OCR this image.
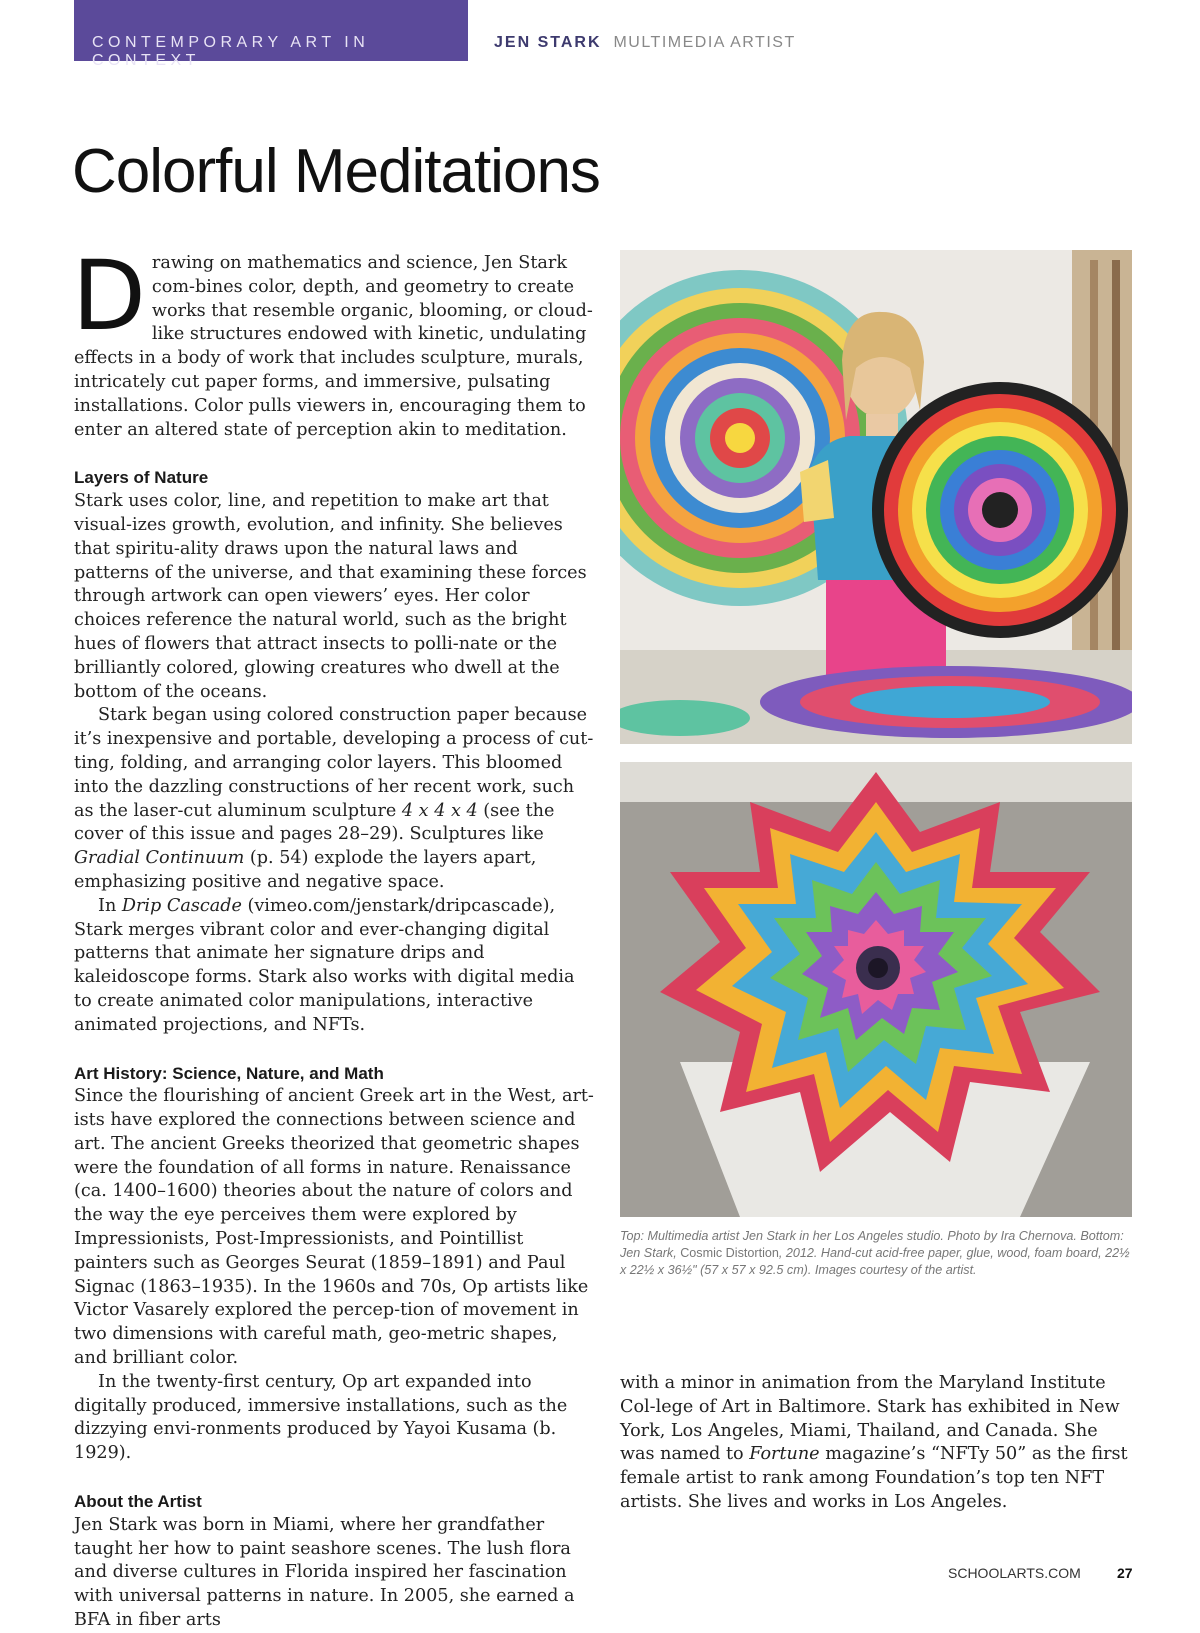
CONTEMPORARY ART IN CONTEXT
JEN STARK MULTIMEDIA ARTIST
Colorful Meditations

Drawing on mathematics and science, Jen Stark com-bines color, depth, and geometry to create works that resemble organic, blooming, or cloud-like structures endowed with kinetic, undulating effects in a body of work that includes sculpture, murals, intricately cut paper forms, and immersive, pulsating installations. Color pulls viewers in, encouraging them to enter an altered state of perception akin to meditation.

Layers of Nature

Stark uses color, line, and repetition to make art that visual-izes growth, evolution, and infinity. She believes that spiritu-ality draws upon the natural laws and patterns of the universe, and that examining these forces through artwork can open viewers’ eyes. Her color choices reference the natural world, such as the bright hues of flowers that attract insects to polli-nate or the brilliantly colored, glowing creatures who dwell at the bottom of the oceans.

Stark began using colored construction paper because it’s inexpensive and portable, developing a process of cut-ting, folding, and arranging color layers. This bloomed into the dazzling constructions of her recent work, such as the laser-cut aluminum sculpture 4 x 4 x 4 (see the cover of this issue and pages 28–29). Sculptures like Gradial Continuum (p. 54) explode the layers apart, emphasizing positive and negative space.

In Drip Cascade (vimeo.com/jenstark/dripcascade), Stark merges vibrant color and ever-changing digital patterns that animate her signature drips and kaleidoscope forms. Stark also works with digital media to create animated color manipulations, interactive animated projections, and NFTs.

Art History: Science, Nature, and Math

Since the flourishing of ancient Greek art in the West, art-ists have explored the connections between science and art. The ancient Greeks theorized that geometric shapes were the foundation of all forms in nature. Renaissance (ca. 1400–1600) theories about the nature of colors and the way the eye perceives them were explored by Impressionists, Post-Impressionists, and Pointillist painters such as Georges Seurat (1859–1891) and Paul Signac (1863–1935). In the 1960s and 70s, Op artists like Victor Vasarely explored the percep-tion of movement in two dimensions with careful math, geo-metric shapes, and brilliant color.

In the twenty-first century, Op art expanded into digitally produced, immersive installations, such as the dizzying envi-ronments produced by Yayoi Kusama (b. 1929).

About the Artist

Jen Stark was born in Miami, where her grandfather taught her how to paint seashore scenes. The lush flora and diverse cultures in Florida inspired her fascination with universal patterns in nature. In 2005, she earned a BFA in fiber arts

Top: Multimedia artist Jen Stark in her Los Angeles studio. Photo by Ira Chernova. Bottom: Jen Stark, Cosmic Distortion, 2012. Hand-cut acid-free paper, glue, wood, foam board, 22½ x 22½ x 36½" (57 x 57 x 92.5 cm). Images courtesy of the artist.

with a minor in animation from the Maryland Institute Col-lege of Art in Baltimore. Stark has exhibited in New York, Los Angeles, Miami, Thailand, and Canada. She was named to Fortune magazine’s “NFTy 50” as the first female artist to rank among Foundation’s top ten NFT artists. She lives and works in Los Angeles.

SCHOOLARTS.COM	27
